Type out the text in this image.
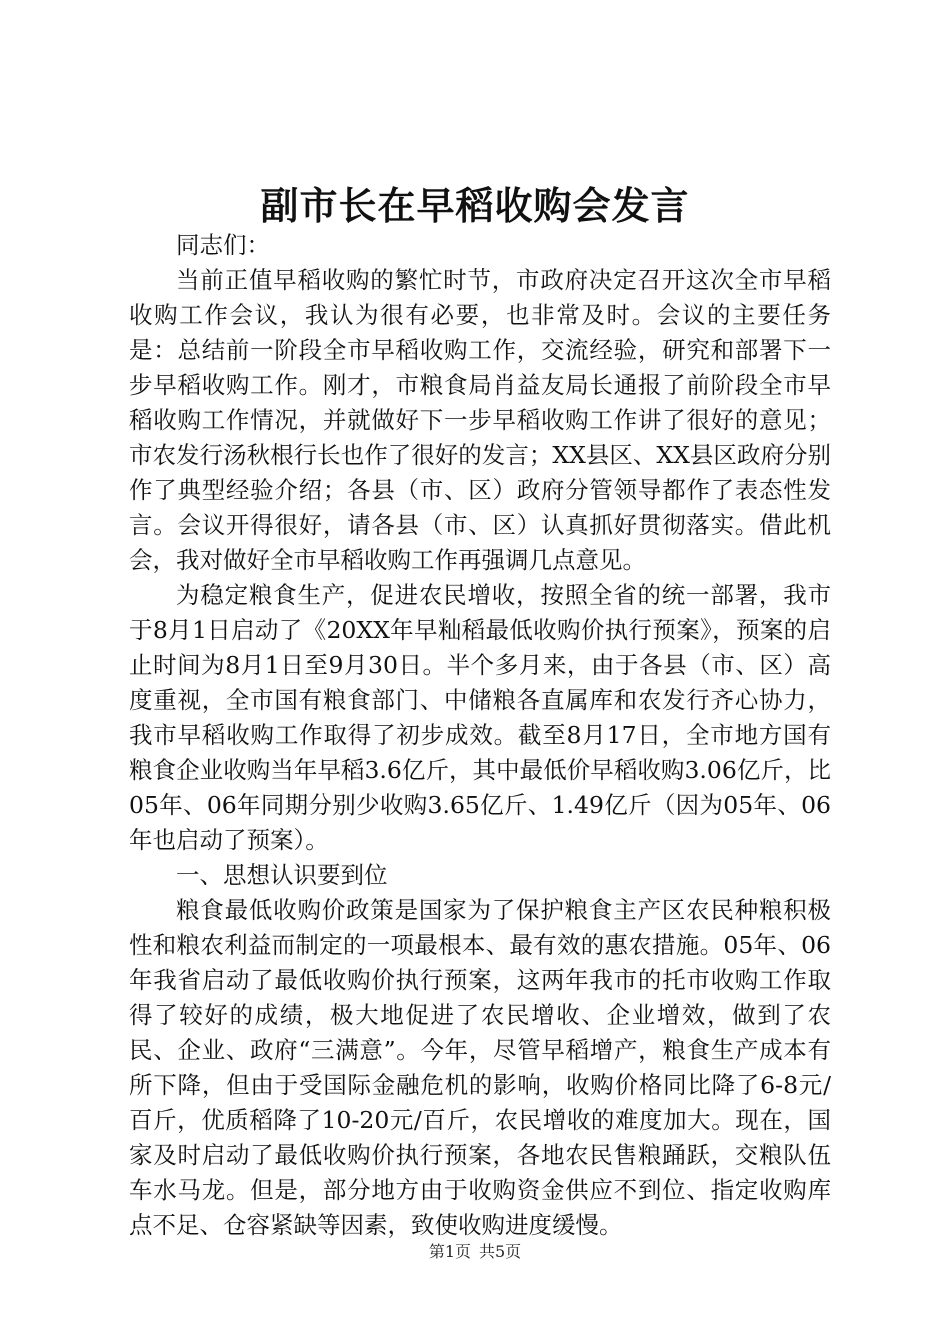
副市长在早稻收购会发言

同志们：

当前正值早稻收购的繁忙时节，市政府决定召开这次全市早稻收购工作会议，我认为很有必要，也非常及时。会议的主要任务是：总结前一阶段全市早稻收购工作，交流经验，研究和部署下一步早稻收购工作。刚才，市粮食局肖益友局长通报了前阶段全市早稻收购工作情况，并就做好下一步早稻收购工作讲了很好的意见；市农发行汤秋根行长也作了很好的发言；XX县区、XX县区政府分别作了典型经验介绍；各县（市、区）政府分管领导都作了表态性发言。会议开得很好，请各县（市、区）认真抓好贯彻落实。借此机会，我对做好全市早稻收购工作再强调几点意见。

为稳定粮食生产，促进农民增收，按照全省的统一部署，我市于8月1日启动了《20XX年早籼稻最低收购价执行预案》，预案的启止时间为8月1日至9月30日。半个多月来，由于各县（市、区）高度重视，全市国有粮食部门、中储粮各直属库和农发行齐心协力，我市早稻收购工作取得了初步成效。截至8月17日，全市地方国有粮食企业收购当年早稻3.6亿斤，其中最低价早稻收购3.06亿斤，比05年、06年同期分别少收购3.65亿斤、1.49亿斤（因为05年、06年也启动了预案）。

一、思想认识要到位

粮食最低收购价政策是国家为了保护粮食主产区农民种粮积极性和粮农利益而制定的一项最根本、最有效的惠农措施。05年、06年我省启动了最低收购价执行预案，这两年我市的托市收购工作取得了较好的成绩，极大地促进了农民增收、企业增效，做到了农民、企业、政府“三满意”。今年，尽管早稻增产，粮食生产成本有所下降，但由于受国际金融危机的影响，收购价格同比降了6-8元/百斤，优质稻降了10-20元/百斤，农民增收的难度加大。现在，国家及时启动了最低收购价执行预案，各地农民售粮踊跃，交粮队伍车水马龙。但是，部分地方由于收购资金供应不到位、指定收购库点不足、仓容紧缺等因素，致使收购进度缓慢。

第1页 共5页
